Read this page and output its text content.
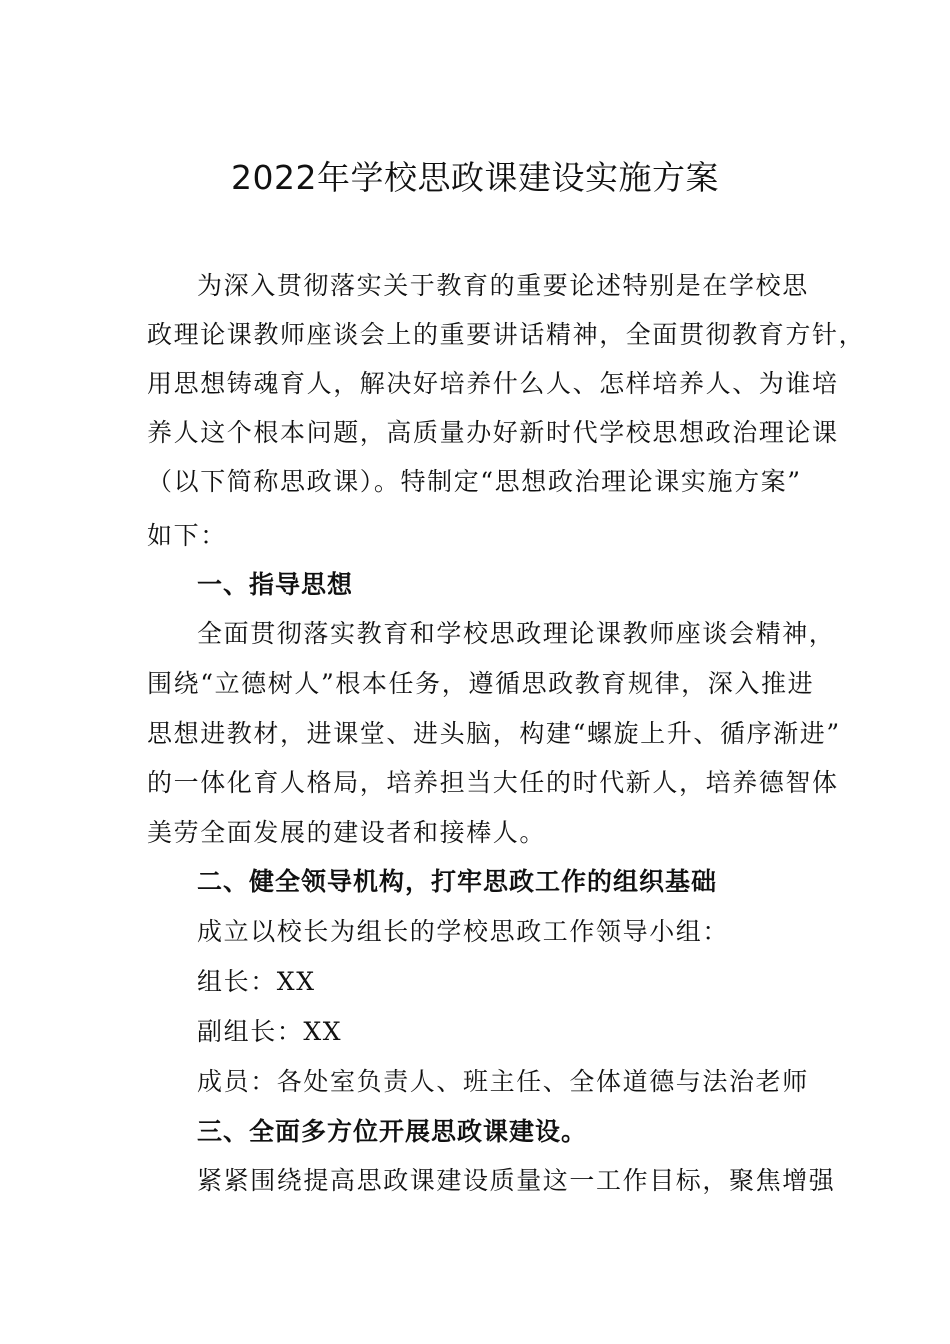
2022年学校思政课建设实施方案

为深入贯彻落实关于教育的重要论述特别是在学校思

政理论课教师座谈会上的重要讲话精神，全面贯彻教育方针，

用思想铸魂育人，解决好培养什么人、怎样培养人、为谁培

养人这个根本问题，高质量办好新时代学校思想政治理论课

（以下简称思政课）。特制定“思想政治理论课实施方案”

如下：

一、指导思想

全面贯彻落实教育和学校思政理论课教师座谈会精神，

围绕“立德树人”根本任务，遵循思政教育规律，深入推进

思想进教材，进课堂、进头脑，构建“螺旋上升、循序渐进”

的一体化育人格局，培养担当大任的时代新人，培养德智体

美劳全面发展的建设者和接棒人。

二、健全领导机构，打牢思政工作的组织基础

成立以校长为组长的学校思政工作领导小组：

组长：XX

副组长：XX

成员：各处室负责人、班主任、全体道德与法治老师

三、全面多方位开展思政课建设。

紧紧围绕提高思政课建设质量这一工作目标，聚焦增强
